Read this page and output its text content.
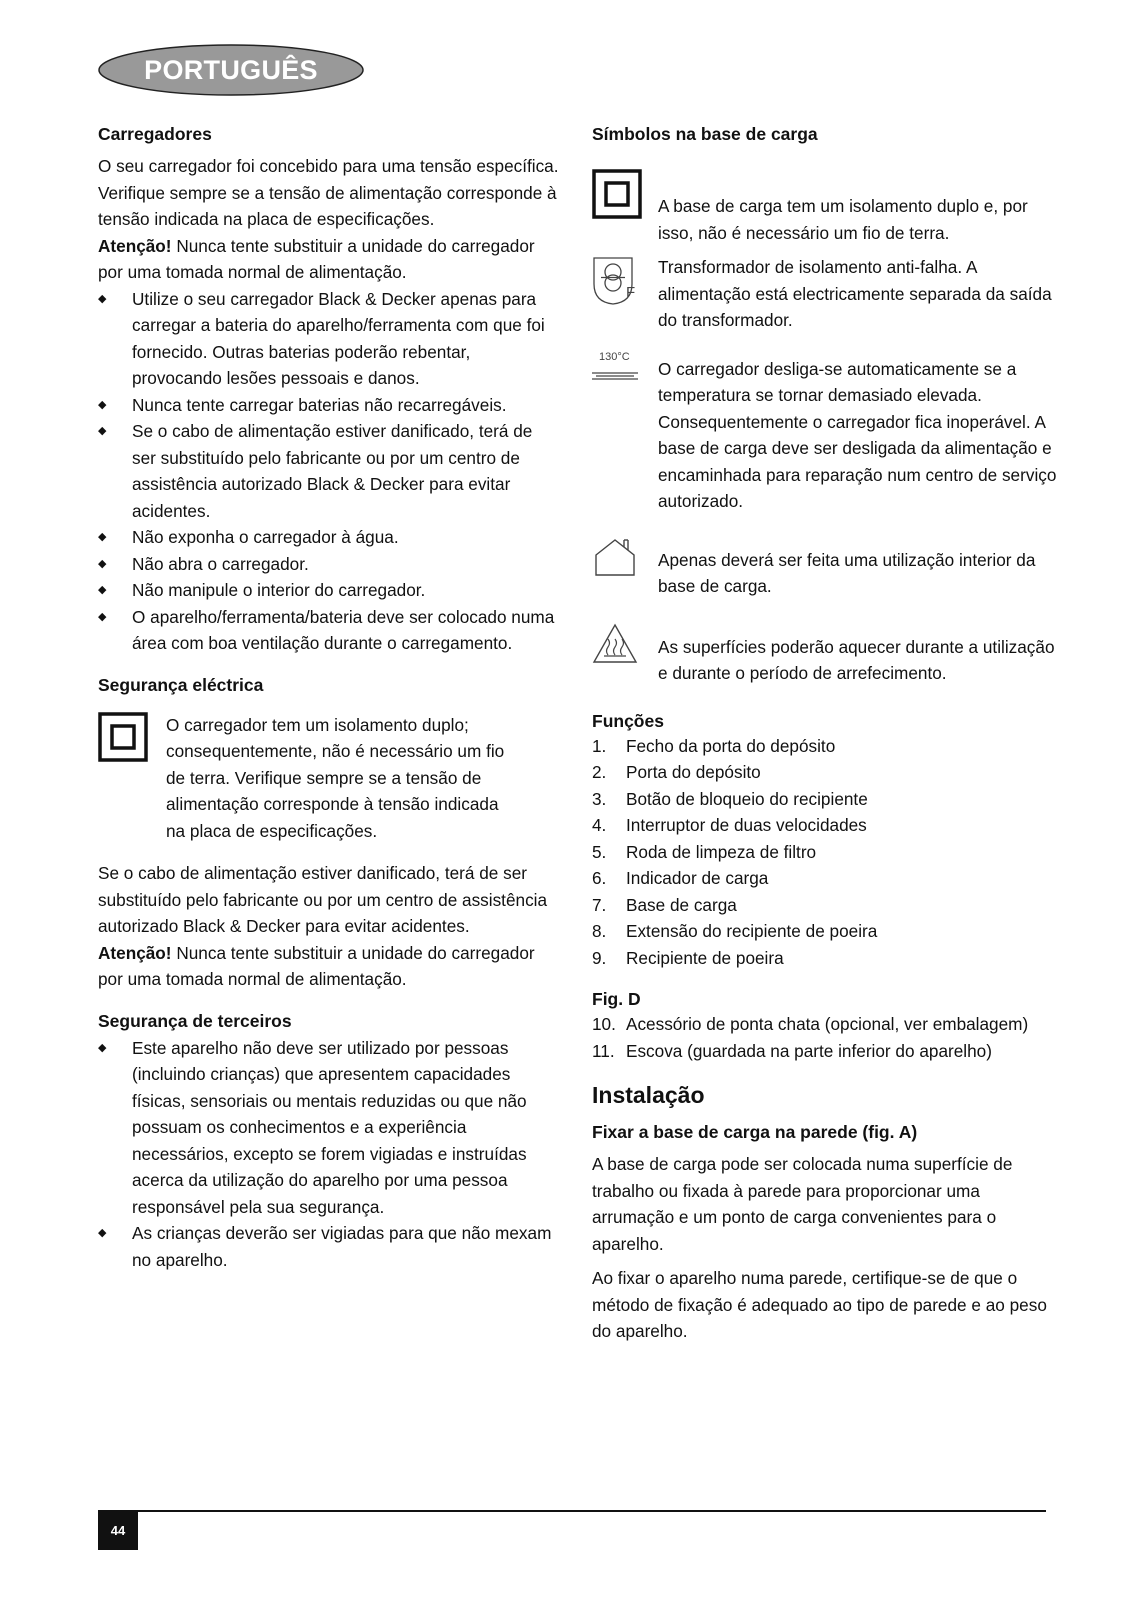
PORTUGUÊS
Carregadores

O seu carregador foi concebido para uma tensão específica. Verifique sempre se a tensão de alimentação corresponde à tensão indicada na placa de especificações.

Atenção! Nunca tente substituir a unidade do carregador por uma tomada normal de alimentação.

◆ Utilize o seu carregador Black & Decker apenas para carregar a bateria do aparelho/ferramenta com que foi fornecido. Outras baterias poderão rebentar, provocando lesões pessoais e danos.
◆ Nunca tente carregar baterias não recarregáveis.
◆ Se o cabo de alimentação estiver danificado, terá de ser substituído pelo fabricante ou por um centro de assistência autorizado Black & Decker para evitar acidentes.
◆ Não exponha o carregador à água.
◆ Não abra o carregador.
◆ Não manipule o interior do carregador.
◆ O aparelho/ferramenta/bateria deve ser colocado numa área com boa ventilação durante o carregamento.
Segurança eléctrica
O carregador tem um isolamento duplo; consequentemente, não é necessário um fio de terra. Verifique sempre se a tensão de alimentação corresponde à tensão indicada na placa de especificações.

Se o cabo de alimentação estiver danificado, terá de ser substituído pelo fabricante ou por um centro de assistência autorizado Black & Decker para evitar acidentes.

Atenção! Nunca tente substituir a unidade do carregador por uma tomada normal de alimentação.

Segurança de terceiros
◆ Este aparelho não deve ser utilizado por pessoas (incluindo crianças) que apresentem capacidades físicas, sensoriais ou mentais reduzidas ou que não possuam os conhecimentos e a experiência necessários, excepto se forem vigiadas e instruídas acerca da utilização do aparelho por uma pessoa responsável pela sua segurança.
◆ As crianças deverão ser vigiadas para que não mexam no aparelho.
Símbolos na base de carga
A base de carga tem um isolamento duplo e, por isso, não é necessário um fio de terra.
F
Transformador de isolamento anti-falha. A alimentação está electricamente separada da saída do transformador.
130°C
O carregador desliga-se automaticamente se a temperatura se tornar demasiado elevada. Consequentemente o carregador fica inoperável. A base de carga deve ser desligada da alimentação e encaminhada para reparação num centro de serviço autorizado.
Apenas deverá ser feita uma utilização interior da base de carga.
As superfícies poderão aquecer durante a utilização e durante o período de arrefecimento.
Funções
1.	Fecho da porta do depósito
2.	Porta do depósito
3.	Botão de bloqueio do recipiente
4.	Interruptor de duas velocidades
5.	Roda de limpeza de filtro
6.	Indicador de carga
7.	Base de carga
8.	Extensão do recipiente de poeira
9.	Recipiente de poeira
Fig. D
10. Acessório de ponta chata (opcional, ver embalagem)
11. Escova (guardada na parte inferior do aparelho)
Instalação
Fixar a base de carga na parede (fig. A)

A base de carga pode ser colocada numa superfície de trabalho ou fixada à parede para proporcionar uma arrumação e um ponto de carga convenientes para o aparelho.

Ao fixar o aparelho numa parede, certifique-se de que o método de fixação é adequado ao tipo de parede e ao peso do aparelho.

44
